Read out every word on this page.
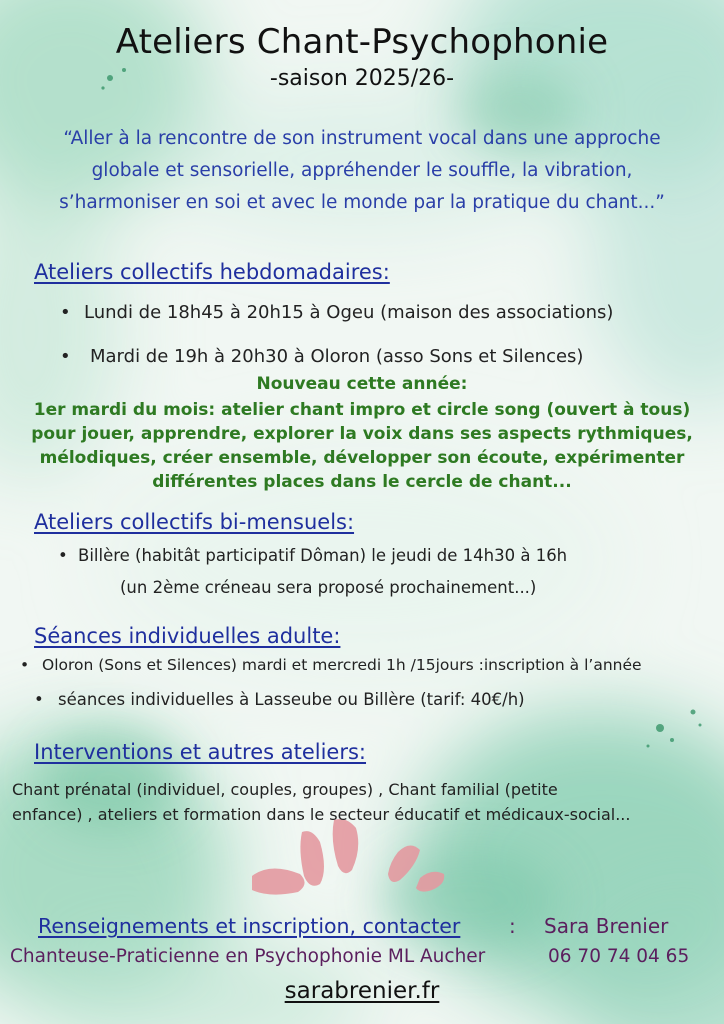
Ateliers Chant-Psychophonie
-saison 2025/26-
“Aller à la rencontre de son instrument vocal dans une approche
globale et sensorielle, appréhender le souffle, la vibration,
s’harmoniser en soi et avec le monde par la pratique du chant...”
Ateliers collectifs hebdomadaires:
• Lundi de 18h45 à 20h15 à Ogeu (maison des associations)
• Mardi de 19h à 20h30 à Oloron (asso Sons et Silences)
Nouveau cette année:
1er mardi du mois: atelier chant impro et circle song (ouvert à tous)
pour jouer, apprendre, explorer la voix dans ses aspects rythmiques,
mélodiques, créer ensemble, développer son écoute, expérimenter
différentes places dans le cercle de chant...
Ateliers collectifs bi-mensuels:
• Billère (habitât participatif Dôman) le jeudi de 14h30 à 16h
(un 2ème créneau sera proposé prochainement...)
Séances individuelles adulte:
• Oloron (Sons et Silences) mardi et mercredi 1h /15jours :inscription à l’année
• séances individuelles à Lasseube ou Billère (tarif: 40€/h)
Interventions et autres ateliers:
Chant prénatal (individuel, couples, groupes) , Chant familial (petite
enfance) , ateliers et formation dans le secteur éducatif et médicaux-social...
Renseignements et inscription, contacter : Sara Brenier
Chanteuse-Praticienne en Psychophonie ML Aucher	06 70 74 04 65
sarabrenier.fr
